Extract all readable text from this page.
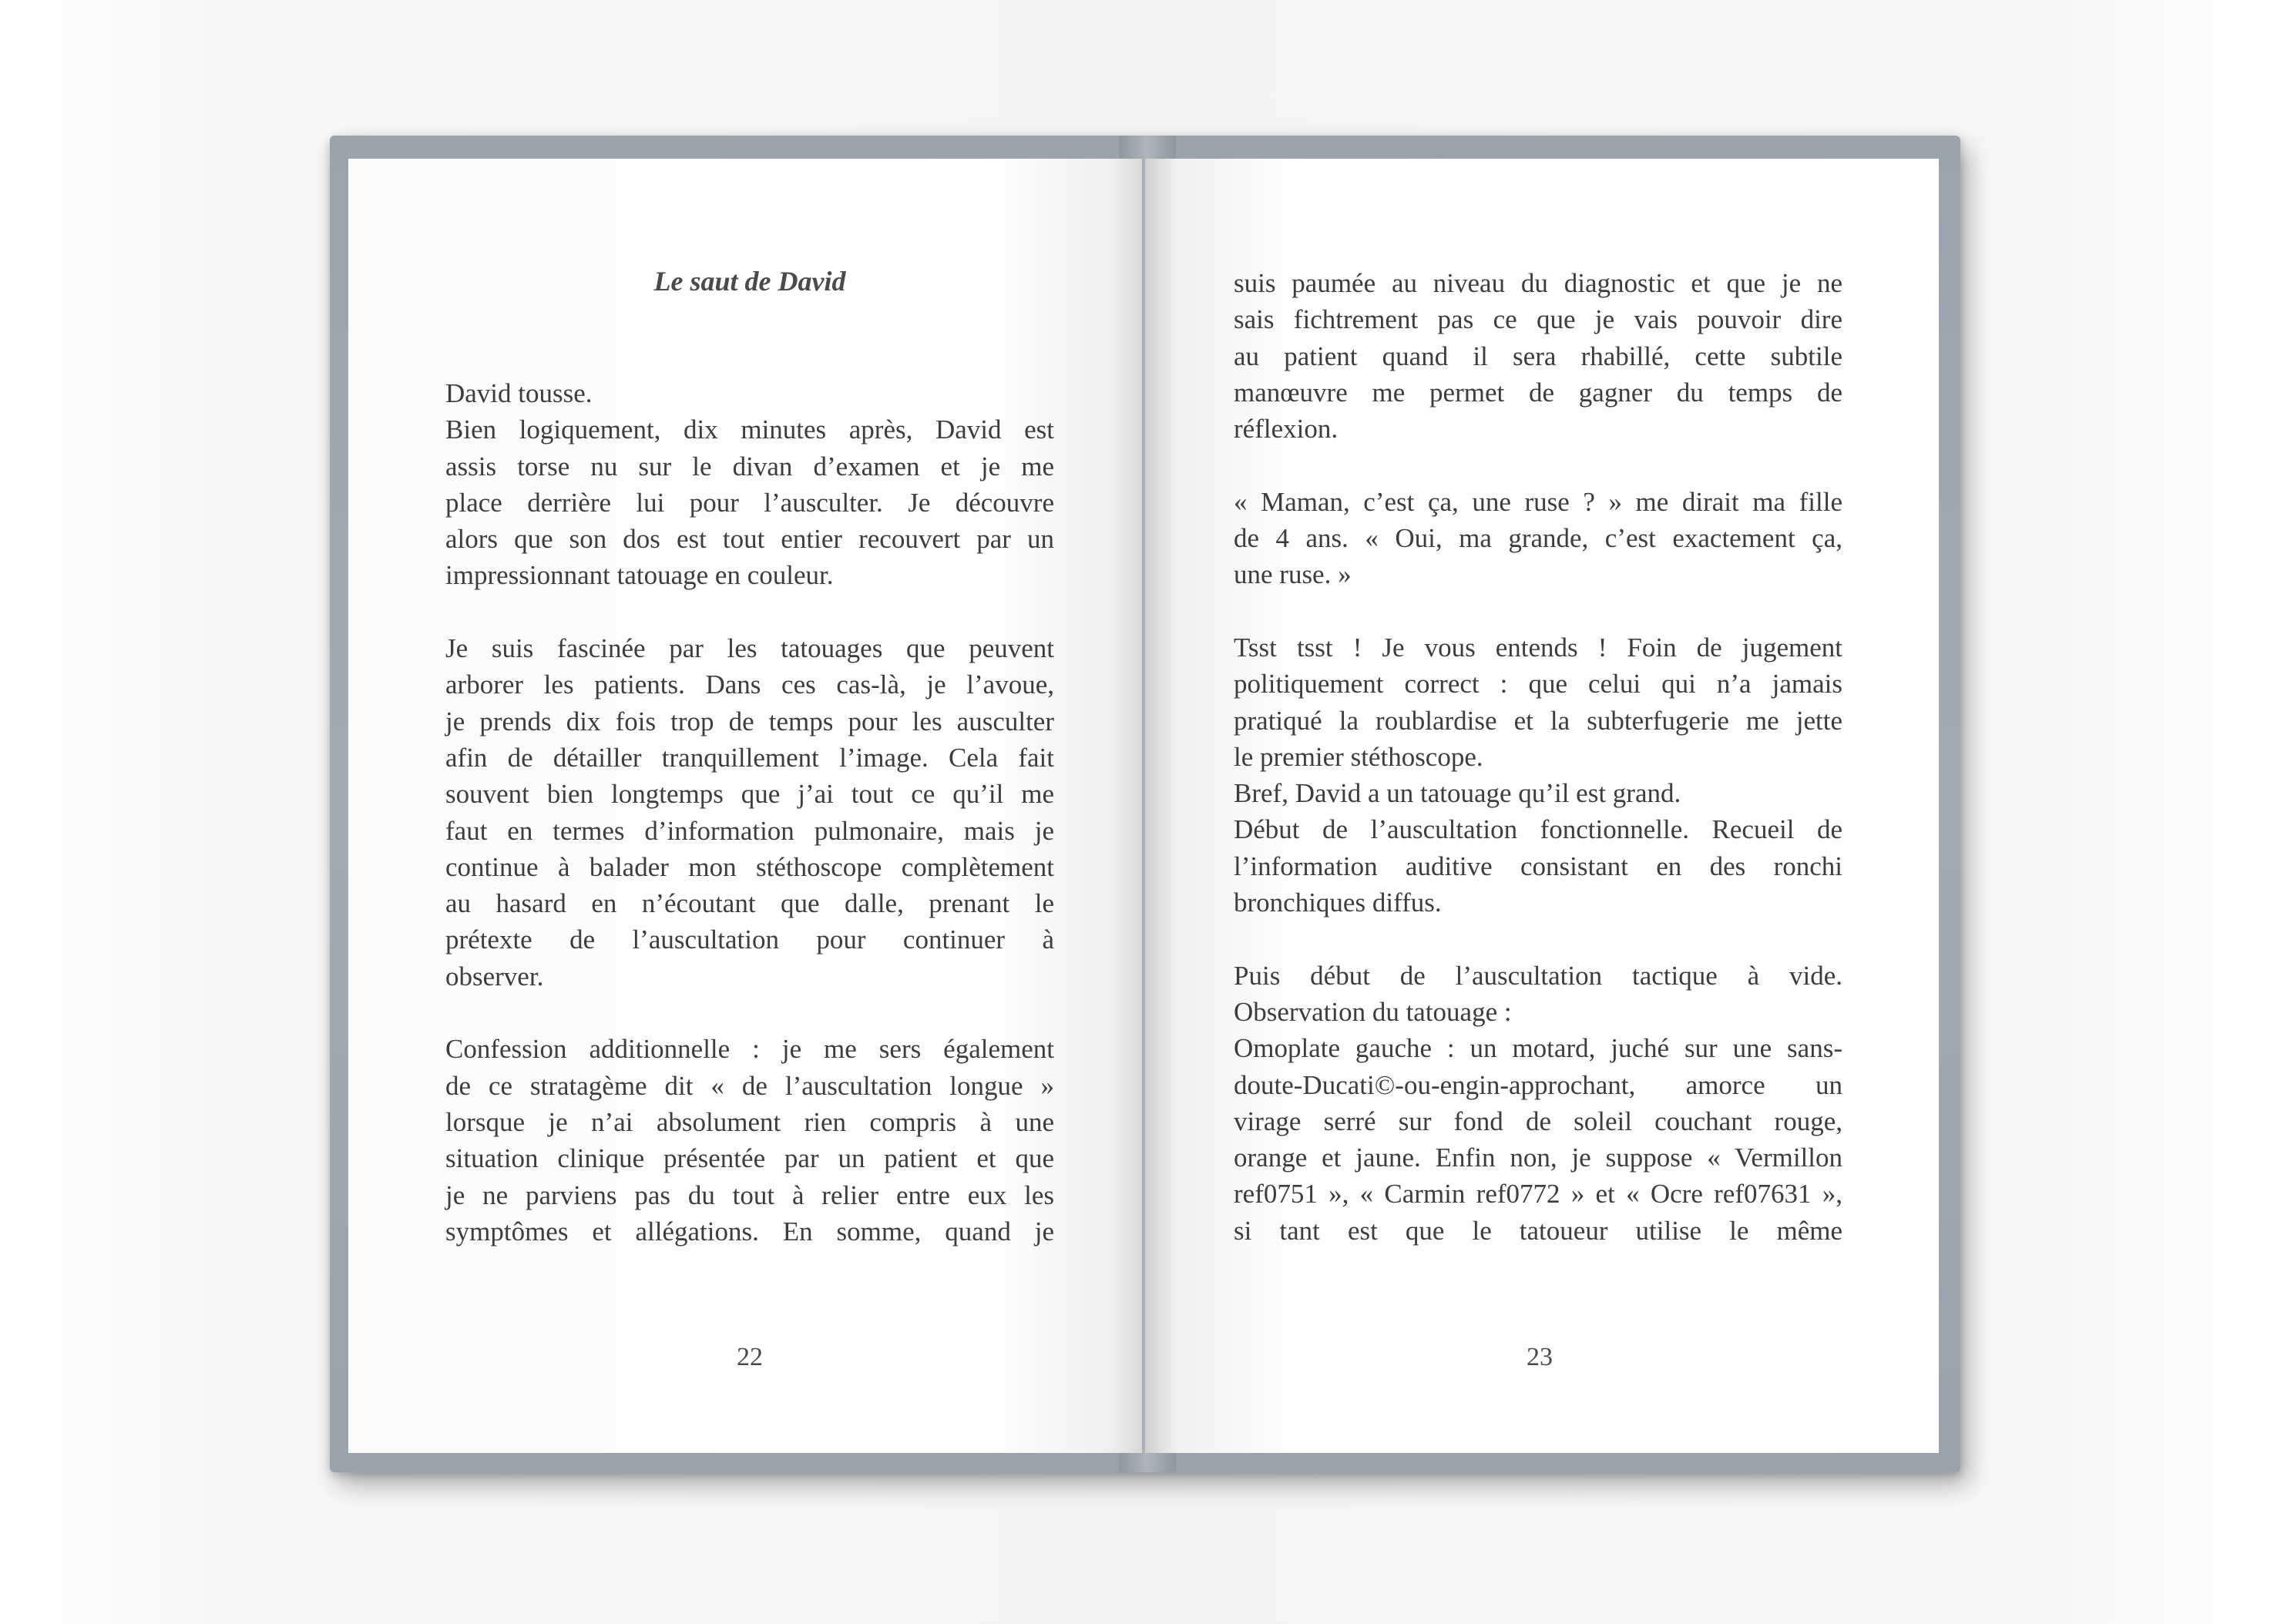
Le saut de David

David tousse.

Bien logiquement, dix minutes après, David est
assis torse nu sur le divan d’examen et je me
place derrière lui pour l’ausculter. Je découvre
alors que son dos est tout entier recouvert par un
impressionnant tatouage en couleur.

Je suis fascinée par les tatouages que peuvent
arborer les patients. Dans ces cas-là, je l’avoue,
je prends dix fois trop de temps pour les ausculter
afin de détailler tranquillement l’image. Cela fait
souvent bien longtemps que j’ai tout ce qu’il me
faut en termes d’information pulmonaire, mais je
continue à balader mon stéthoscope complètement
au hasard en n’écoutant que dalle, prenant le
prétexte de l’auscultation pour continuer à
observer.

Confession additionnelle : je me sers également
de ce stratagème dit « de l’auscultation longue »
lorsque je n’ai absolument rien compris à une
situation clinique présentée par un patient et que
je ne parviens pas du tout à relier entre eux les
symptômes et allégations. En somme, quand je

22

suis paumée au niveau du diagnostic et que je ne
sais fichtrement pas ce que je vais pouvoir dire
au patient quand il sera rhabillé, cette subtile
manœuvre me permet de gagner du temps de
réflexion.

« Maman, c’est ça, une ruse ? » me dirait ma fille
de 4 ans. « Oui, ma grande, c’est exactement ça,
une ruse. »

Tsst tsst ! Je vous entends ! Foin de jugement
politiquement correct : que celui qui n’a jamais
pratiqué la roublardise et la subterfugerie me jette
le premier stéthoscope.

Bref, David a un tatouage qu’il est grand.

Début de l’auscultation fonctionnelle. Recueil de
l’information auditive consistant en des ronchi
bronchiques diffus.

Puis début de l’auscultation tactique à vide.
Observation du tatouage :

Omoplate gauche : un motard, juché sur une sans-
doute-Ducati©-ou-engin-approchant, amorce un
virage serré sur fond de soleil couchant rouge,
orange et jaune. Enfin non, je suppose « Vermillon
ref0751 », « Carmin ref0772 » et « Ocre ref07631 »,
si tant est que le tatoueur utilise le même

23
